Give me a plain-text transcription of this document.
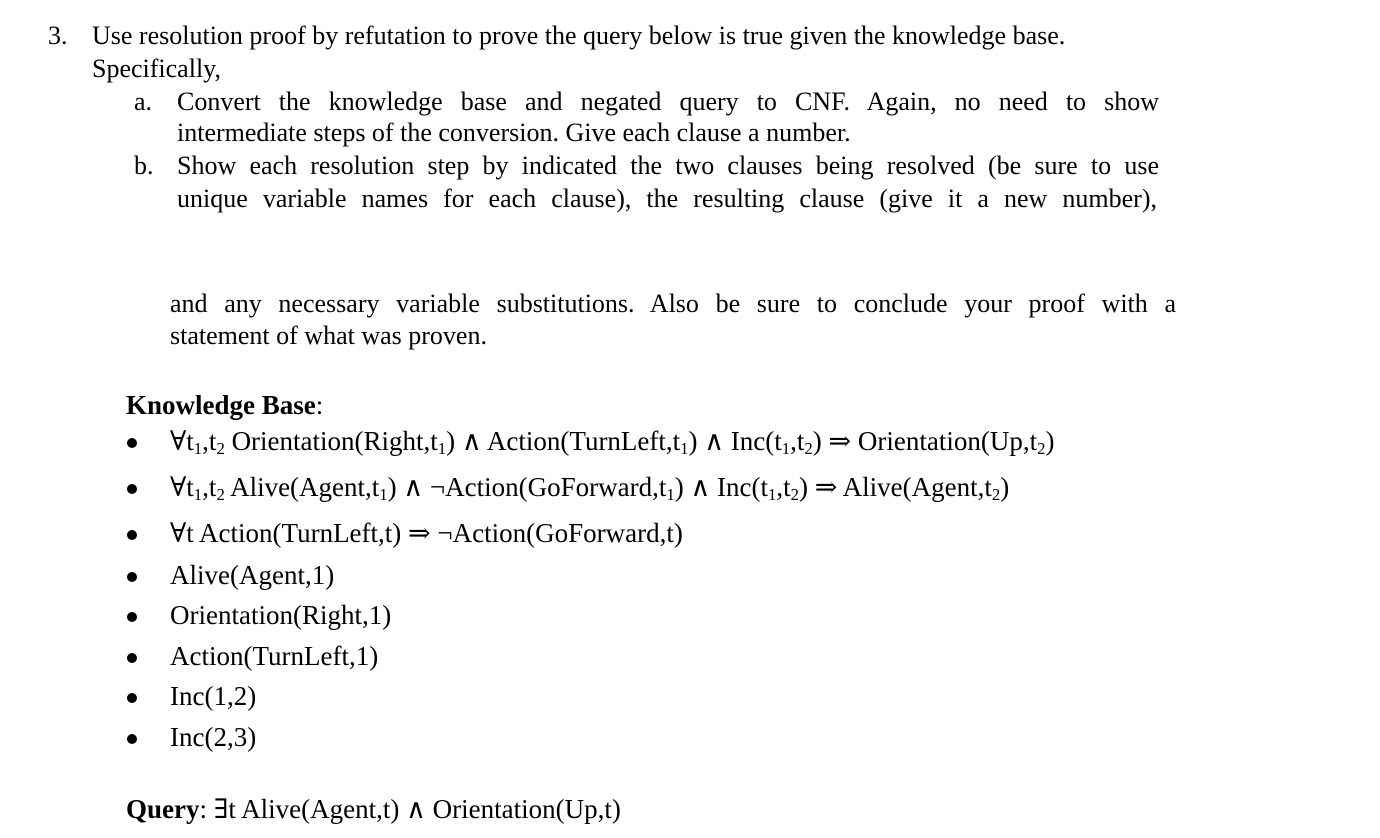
3. Use resolution proof by refutation to prove the query below is true given the knowledge base.
Specifically,
a. Convert the knowledge base and negated query to CNF. Again, no need to show
intermediate steps of the conversion. Give each clause a number.
b. Show each resolution step by indicated the two clauses being resolved (be sure to use
unique variable names for each clause), the resulting clause (give it a new number),
and any necessary variable substitutions. Also be sure to conclude your proof with a
statement of what was proven.
Knowledge Base:
$\forall t_1,t_2$ $Orientation(Right,t_1)$ ∧ $Action(TurnLeft,t_1)$ ∧ $Inc(t_1,t_2)$ ⇒ $Orientation(Up,t_2)$
$\forall t_1,t_2$ $Alive(Agent,t_1)$ ∧ $\neg Action(GoForward,t_1)$ ∧ $Inc(t_1,t_2)$ ⇒ $Alive(Agent,t_2)$
∀t Action(TurnLeft,t) ⇒ ¬Action(GoForward,t)
Alive(Agent,1)
Orientation(Right,1)
Action(TurnLeft,1)
Inc(1,2)
Inc(2,3)
Query: ∃t Alive(Agent,t) ∧ Orientation(Up,t)
